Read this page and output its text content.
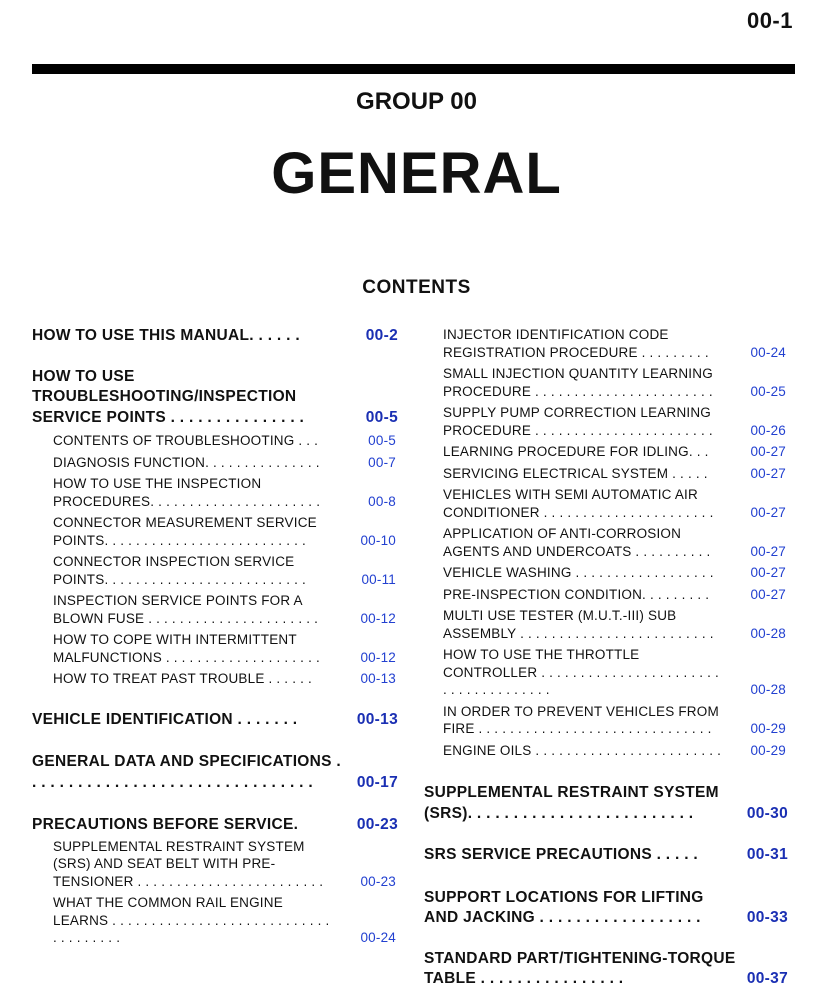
00-1
GROUP 00
GENERAL
CONTENTS
HOW TO USE THIS MANUAL. . . . . .	00-2
HOW TO USE TROUBLESHOOTING/INSPECTION SERVICE POINTS . . . . . . . . . . . . . . .	00-5
CONTENTS OF TROUBLESHOOTING . . .	00-5
DIAGNOSIS FUNCTION. . . . . . . . . . . . . . .	00-7
HOW TO USE THE INSPECTION PROCEDURES. . . . . . . . . . . . . . . . . . . . . .	00-8
CONNECTOR MEASUREMENT SERVICE POINTS. . . . . . . . . . . . . . . . . . . . . . . . . .	00-10
CONNECTOR INSPECTION SERVICE POINTS. . . . . . . . . . . . . . . . . . . . . . . . . .	00-11
INSPECTION SERVICE POINTS FOR A BLOWN FUSE . . . . . . . . . . . . . . . . . . . . . .	00-12
HOW TO COPE WITH INTERMITTENT MALFUNCTIONS . . . . . . . . . . . . . . . . . . . .	00-12
HOW TO TREAT PAST TROUBLE . . . . . .	00-13
VEHICLE IDENTIFICATION . . . . . . .	00-13
GENERAL DATA AND SPECIFICATIONS . . . . . . . . . . . . . . . . . . . . . . . . . . . . . . . .	00-17
PRECAUTIONS BEFORE SERVICE.	00-23
SUPPLEMENTAL RESTRAINT SYSTEM (SRS) AND SEAT BELT WITH PRE-TENSIONER . . . . . . . . . . . . . . . . . . . . . . . .	00-23
WHAT THE COMMON RAIL ENGINE LEARNS . . . . . . . . . . . . . . . . . . . . . . . . . . . . . . . . . . . . .	00-24
INJECTOR IDENTIFICATION CODE REGISTRATION PROCEDURE . . . . . . . . .	00-24
SMALL INJECTION QUANTITY LEARNING PROCEDURE . . . . . . . . . . . . . . . . . . . . . . .	00-25
SUPPLY PUMP CORRECTION LEARNING PROCEDURE . . . . . . . . . . . . . . . . . . . . . . .	00-26
LEARNING PROCEDURE FOR IDLING. . .	00-27
SERVICING ELECTRICAL SYSTEM . . . . .	00-27
VEHICLES WITH SEMI AUTOMATIC AIR CONDITIONER . . . . . . . . . . . . . . . . . . . . . .	00-27
APPLICATION OF ANTI-CORROSION AGENTS AND UNDERCOATS . . . . . . . . . .	00-27
VEHICLE WASHING . . . . . . . . . . . . . . . . . .	00-27
PRE-INSPECTION CONDITION. . . . . . . . .	00-27
MULTI USE TESTER (M.U.T.-III) SUB ASSEMBLY . . . . . . . . . . . . . . . . . . . . . . . . .	00-28
HOW TO USE THE THROTTLE CONTROLLER . . . . . . . . . . . . . . . . . . . . . . . . . . . . . . . . . . . . .	00-28
IN ORDER TO PREVENT VEHICLES FROM FIRE . . . . . . . . . . . . . . . . . . . . . . . . . . . . . .	00-29
ENGINE OILS . . . . . . . . . . . . . . . . . . . . . . . . 00-29
SUPPLEMENTAL RESTRAINT SYSTEM (SRS). . . . . . . . . . . . . . . . . . . . . . . . .	00-30
SRS SERVICE PRECAUTIONS . . . . .	00-31
SUPPORT LOCATIONS FOR LIFTING AND JACKING . . . . . . . . . . . . . . . . . .	00-33
STANDARD PART/TIGHTENING-TORQUE TABLE . . . . . . . . . . . . . . . .	00-37
